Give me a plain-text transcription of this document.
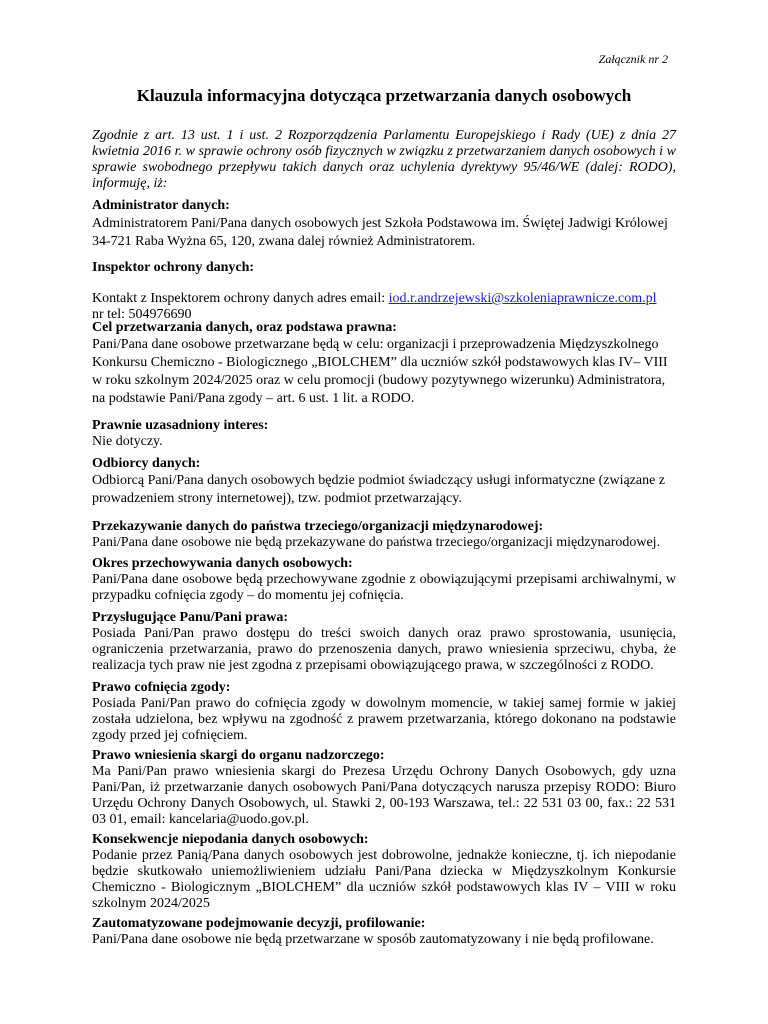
Załącznik nr 2
Klauzula informacyjna dotycząca przetwarzania danych osobowych
Zgodnie z art. 13 ust. 1 i ust. 2 Rozporządzenia Parlamentu Europejskiego i Rady (UE) z dnia 27 kwietnia 2016 r. w sprawie ochrony osób fizycznych w związku z przetwarzaniem danych osobowych i w sprawie swobodnego przepływu takich danych oraz uchylenia dyrektywy 95/46/WE (dalej: RODO), informuję, iż:
Administrator danych:
Administratorem Pani/Pana danych osobowych jest Szkoła Podstawowa im. Świętej Jadwigi Królowej 34-721 Raba Wyżna 65, 120, zwana dalej również Administratorem.
Inspektor ochrony danych:
Kontakt z Inspektorem ochrony danych adres email: iod.r.andrzejewski@szkoleniaprawnicze.com.pl
nr tel: 504976690
Cel przetwarzania danych, oraz podstawa prawna:
Pani/Pana dane osobowe przetwarzane będą w celu: organizacji i przeprowadzenia Międzyszkolnego Konkursu Chemiczno - Biologicznego „BIOLCHEM” dla uczniów szkół podstawowych klas IV– VIII w roku szkolnym 2024/2025 oraz w celu promocji (budowy pozytywnego wizerunku) Administratora, na podstawie Pani/Pana zgody – art. 6 ust. 1 lit. a RODO.
Prawnie uzasadniony interes:
Nie dotyczy.
Odbiorcy danych:
Odbiorcą Pani/Pana danych osobowych będzie podmiot świadczący usługi informatyczne (związane z prowadzeniem strony internetowej), tzw. podmiot przetwarzający.
Przekazywanie danych do państwa trzeciego/organizacji międzynarodowej:
Pani/Pana dane osobowe nie będą przekazywane do państwa trzeciego/organizacji międzynarodowej.
Okres przechowywania danych osobowych:
Pani/Pana dane osobowe będą przechowywane zgodnie z obowiązującymi przepisami archiwalnymi, w przypadku cofnięcia zgody – do momentu jej cofnięcia.
Przysługujące Panu/Pani prawa:
Posiada Pani/Pan prawo dostępu do treści swoich danych oraz prawo sprostowania, usunięcia, ograniczenia przetwarzania, prawo do przenoszenia danych, prawo wniesienia sprzeciwu, chyba, że realizacja tych praw nie jest zgodna z przepisami obowiązującego prawa, w szczególności z RODO.
Prawo cofnięcia zgody:
Posiada Pani/Pan prawo do cofnięcia zgody w dowolnym momencie, w takiej samej formie w jakiej została udzielona, bez wpływu na zgodność z prawem przetwarzania, którego dokonano na podstawie zgody przed jej cofnięciem.
Prawo wniesienia skargi do organu nadzorczego:
Ma Pani/Pan prawo wniesienia skargi do Prezesa Urzędu Ochrony Danych Osobowych, gdy uzna Pani/Pan, iż przetwarzanie danych osobowych Pani/Pana dotyczących narusza przepisy RODO: Biuro Urzędu Ochrony Danych Osobowych, ul. Stawki 2, 00-193 Warszawa, tel.: 22 531 03 00, fax.: 22 531 03 01, email: kancelaria@uodo.gov.pl.
Konsekwencje niepodania danych osobowych:
Podanie przez Panią/Pana danych osobowych jest dobrowolne, jednakże konieczne, tj. ich niepodanie będzie skutkowało uniemożliwieniem udziału Pani/Pana dziecka w Międzyszkolnym Konkursie Chemiczno - Biologicznym „BIOLCHEM” dla uczniów szkół podstawowych klas IV – VIII w roku szkolnym 2024/2025
Zautomatyzowane podejmowanie decyzji, profilowanie:
Pani/Pana dane osobowe nie będą przetwarzane w sposób zautomatyzowany i nie będą profilowane.
